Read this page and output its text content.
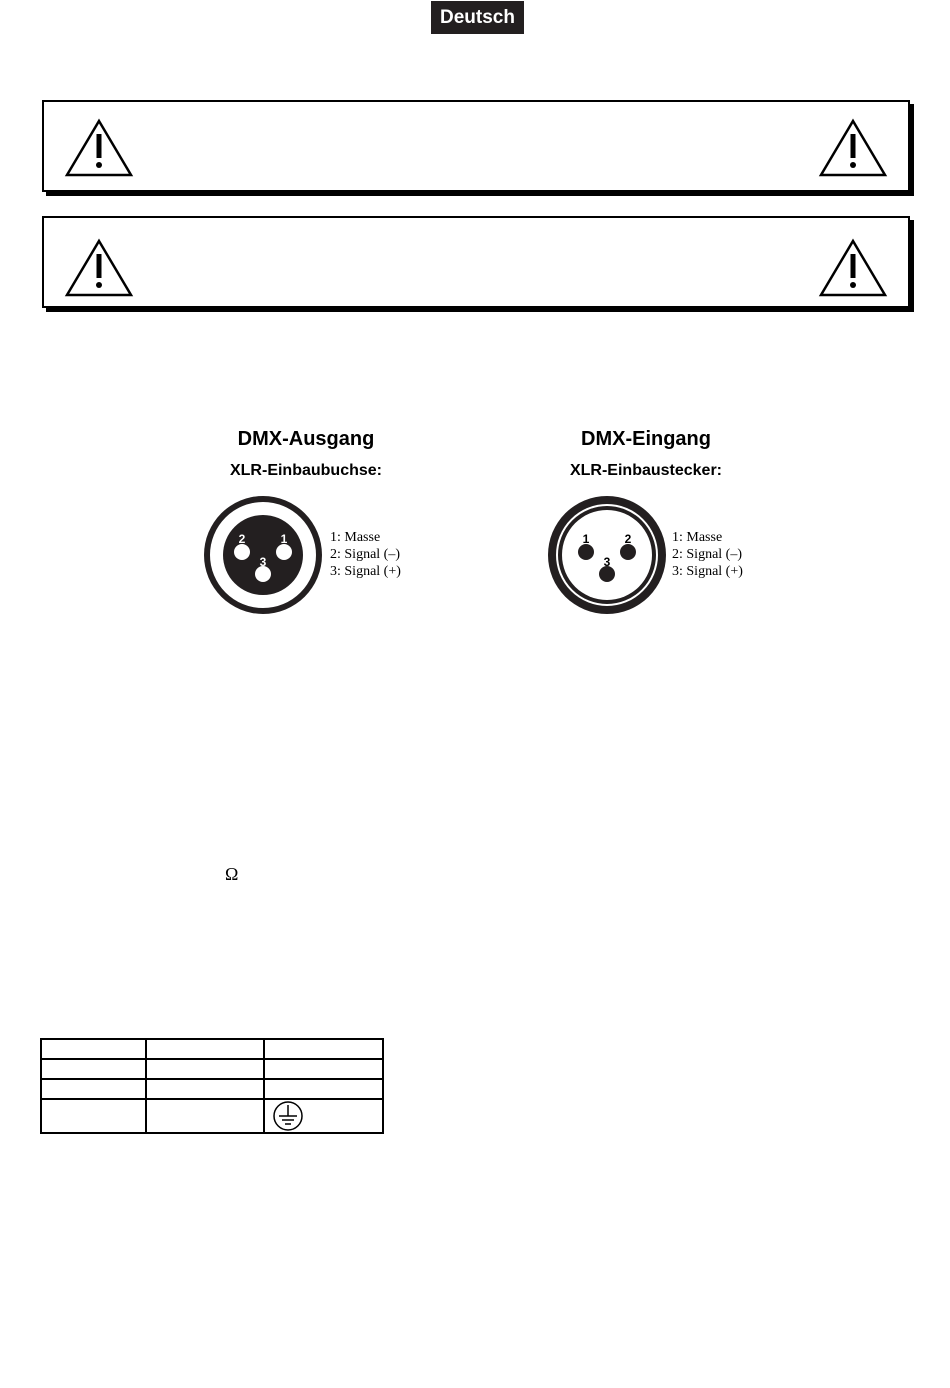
Deutsch
DMX-Ausgang
XLR-Einbaubuchse:
2	1
3
1: Masse
2: Signal (–)
3: Signal (+)
DMX-Eingang
XLR-Einbaustecker:
1	2
3
1: Masse
2: Signal (–)
3: Signal (+)
Ω
